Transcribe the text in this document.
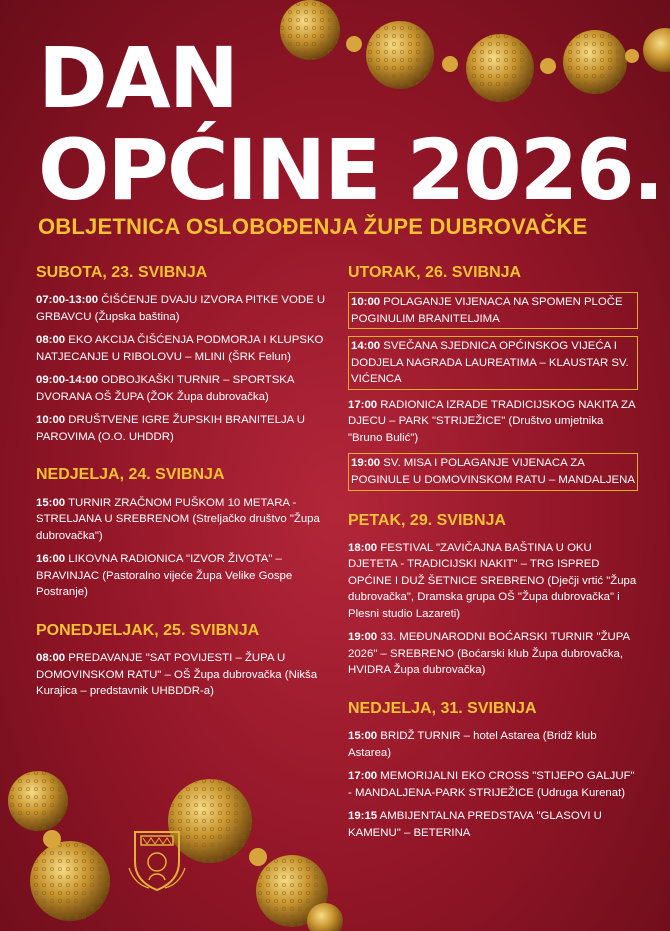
DAN
OPĆINE 2026.
OBLJETNICA OSLOBOĐENJA ŽUPE DUBROVAČKE
SUBOTA, 23. SVIBNJA

07:00-13:00 ČIŠĆENJE DVAJU IZVORA PITKE VODE U GRBAVCU (Župska baština)

08:00 EKO AKCIJA ČIŠĆENJA PODMORJA I KLUPSKO NATJECANJE U RIBOLOVU – MLINI (ŠRK Felun)

09:00-14:00 ODBOJKAŠKI TURNIR – SPORTSKA DVORANA OŠ ŽUPA (ŽOK Župa dubrovačka)

10:00 DRUŠTVENE IGRE ŽUPSKIH BRANITELJA U PAROVIMA (O.O. UHDDR)

NEDJELJA, 24. SVIBNJA

15:00 TURNIR ZRAČNOM PUŠKOM 10 METARA - STRELJANA U SREBRENOM (Streljačko društvo "Župa dubrovačka")

16:00 LIKOVNA RADIONICA "IZVOR ŽIVOTA" – BRAVINJAC (Pastoralno vijeće Župa Velike Gospe Postranje)

PONEDJELJAK, 25. SVIBNJA

08:00 PREDAVANJE "SAT POVIJESTI – ŽUPA U DOMOVINSKOM RATU" – OŠ Župa dubrovačka (Nikša Kurajica – predstavnik UHBDDR-a)

UTORAK, 26. SVIBNJA

10:00 POLAGANJE VIJENACA NA SPOMEN PLOČE POGINULIM BRANITELJIMA

14:00 SVEČANA SJEDNICA OPĆINSKOG VIJEĆA I DODJELA NAGRADA LAUREATIMA – KLAUSTAR SV. VIĆENCA

17:00 RADIONICA IZRADE TRADICIJSKOG NAKITA ZA DJECU – PARK "STRIJEŽICE" (Društvo umjetnika "Bruno Bulić")

19:00 SV. MISA I POLAGANJE VIJENACA ZA POGINULE U DOMOVINSKOM RATU – MANDALJENA

PETAK, 29. SVIBNJA

18:00 FESTIVAL "ZAVIČAJNA BAŠTINA U OKU DJETETA - TRADICIJSKI NAKIT" – TRG ISPRED OPĆINE I DUŽ ŠETNICE SREBRENO (Dječji vrtić "Župa dubrovačka", Dramska grupa OŠ "Župa dubrovačka" i Plesni studio Lazareti)

19:00 33. MEĐUNARODNI BOĆARSKI TURNIR "ŽUPA 2026" – SREBRENO (Boćarski klub Župa dubrovačka, HVIDRA Župa dubrovačka)

NEDJELJA, 31. SVIBNJA

15:00 BRIDŽ TURNIR – hotel Astarea (Bridž klub Astarea)

17:00 MEMORIJALNI EKO CROSS "STIJEPO GALJUF" - MANDALJENA-PARK STRIJEŽICE (Udruga Kurenat)

19:15 AMBIJENTALNA PREDSTAVA "GLASOVI U KAMENU" – BETERINA
